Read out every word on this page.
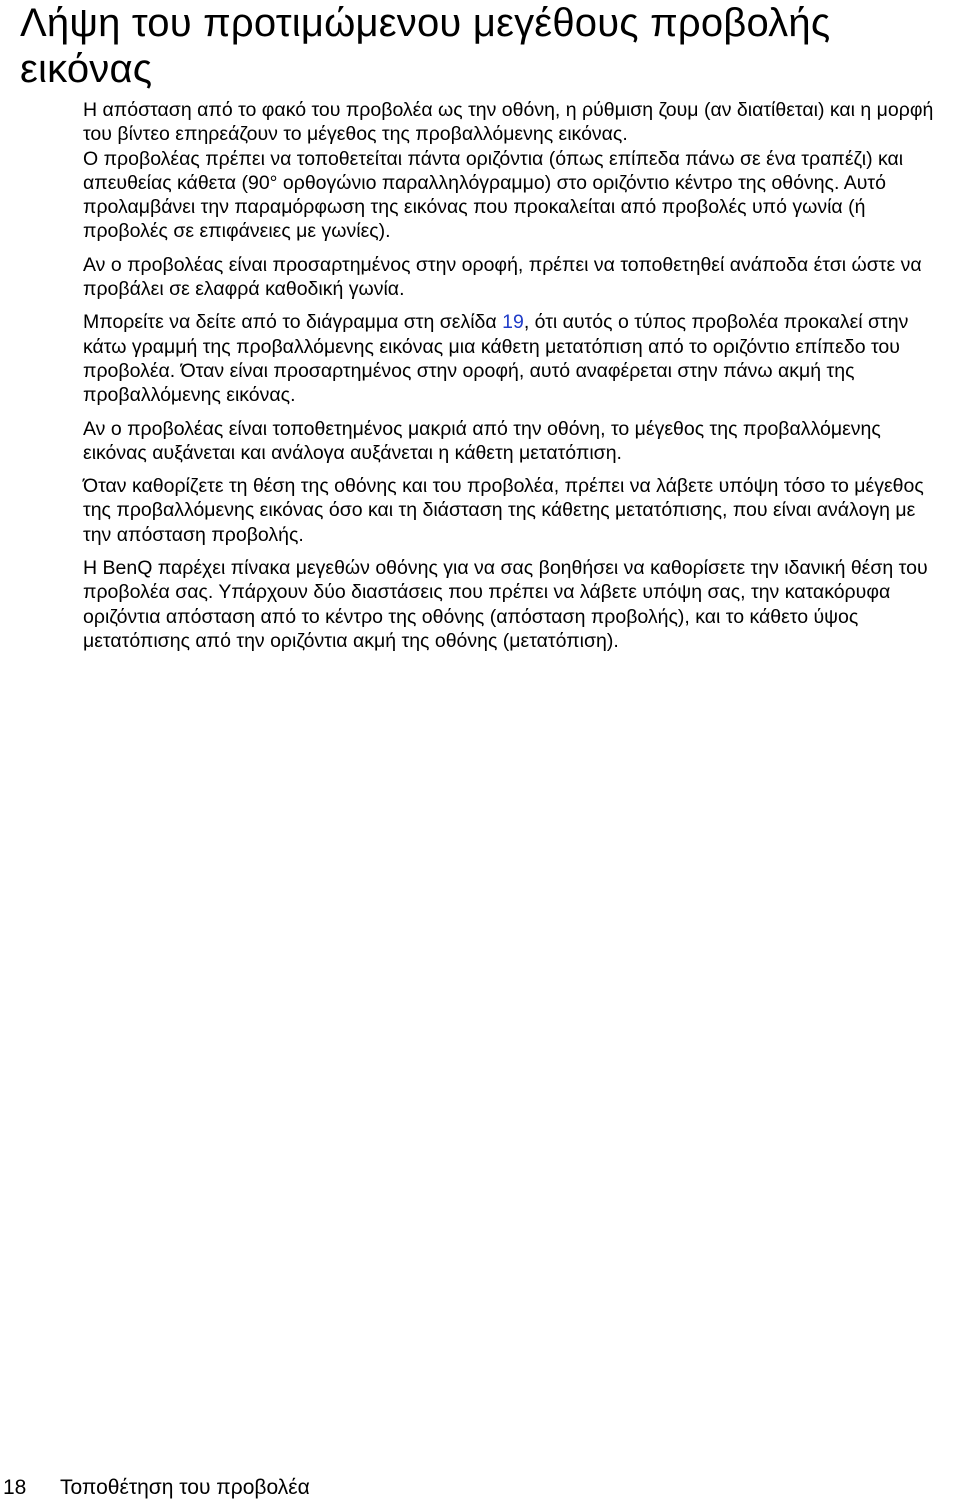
Λήψη του προτιμώμενου μεγέθους προβολής εικόνας

Η απόσταση από το φακό του προβολέα ως την οθόνη, η ρύθμιση ζουμ (αν διατίθεται) και η μορφή του βίντεο επηρεάζουν το μέγεθος της προβαλλόμενης εικόνας.

Ο προβολέας πρέπει να τοποθετείται πάντα οριζόντια (όπως επίπεδα πάνω σε ένα τραπέζι) και απευθείας κάθετα (90° ορθογώνιο παραλληλόγραμμο) στο οριζόντιο κέντρο της οθόνης. Αυτό προλαμβάνει την παραμόρφωση της εικόνας που προκαλείται από προβολές υπό γωνία (ή προβολές σε επιφάνειες με γωνίες).

Αν ο προβολέας είναι προσαρτημένος στην οροφή, πρέπει να τοποθετηθεί ανάποδα έτσι ώστε να προβάλει σε ελαφρά καθοδική γωνία.

Μπορείτε να δείτε από το διάγραμμα στη σελίδα 19, ότι αυτός ο τύπος προβολέα προκαλεί στην κάτω γραμμή της προβαλλόμενης εικόνας μια κάθετη μετατόπιση από το οριζόντιο επίπεδο του προβολέα. Όταν είναι προσαρτημένος στην οροφή, αυτό αναφέρεται στην πάνω ακμή της προβαλλόμενης εικόνας.

Αν ο προβολέας είναι τοποθετημένος μακριά από την οθόνη, το μέγεθος της προβαλλόμενης εικόνας αυξάνεται και ανάλογα αυξάνεται η κάθετη μετατόπιση.

Όταν καθορίζετε τη θέση της οθόνης και του προβολέα, πρέπει να λάβετε υπόψη τόσο το μέγεθος της προβαλλόμενης εικόνας όσο και τη διάσταση της κάθετης μετατόπισης, που είναι ανάλογη με την απόσταση προβολής.

Η BenQ παρέχει πίνακα μεγεθών οθόνης για να σας βοηθήσει να καθορίσετε την ιδανική θέση του προβολέα σας. Υπάρχουν δύο διαστάσεις που πρέπει να λάβετε υπόψη σας, την κατακόρυφα οριζόντια απόσταση από το κέντρο της οθόνης (απόσταση προβολής), και το κάθετο ύψος μετατόπισης από την οριζόντια ακμή της οθόνης (μετατόπιση).

18 Τοποθέτηση του προβολέα
